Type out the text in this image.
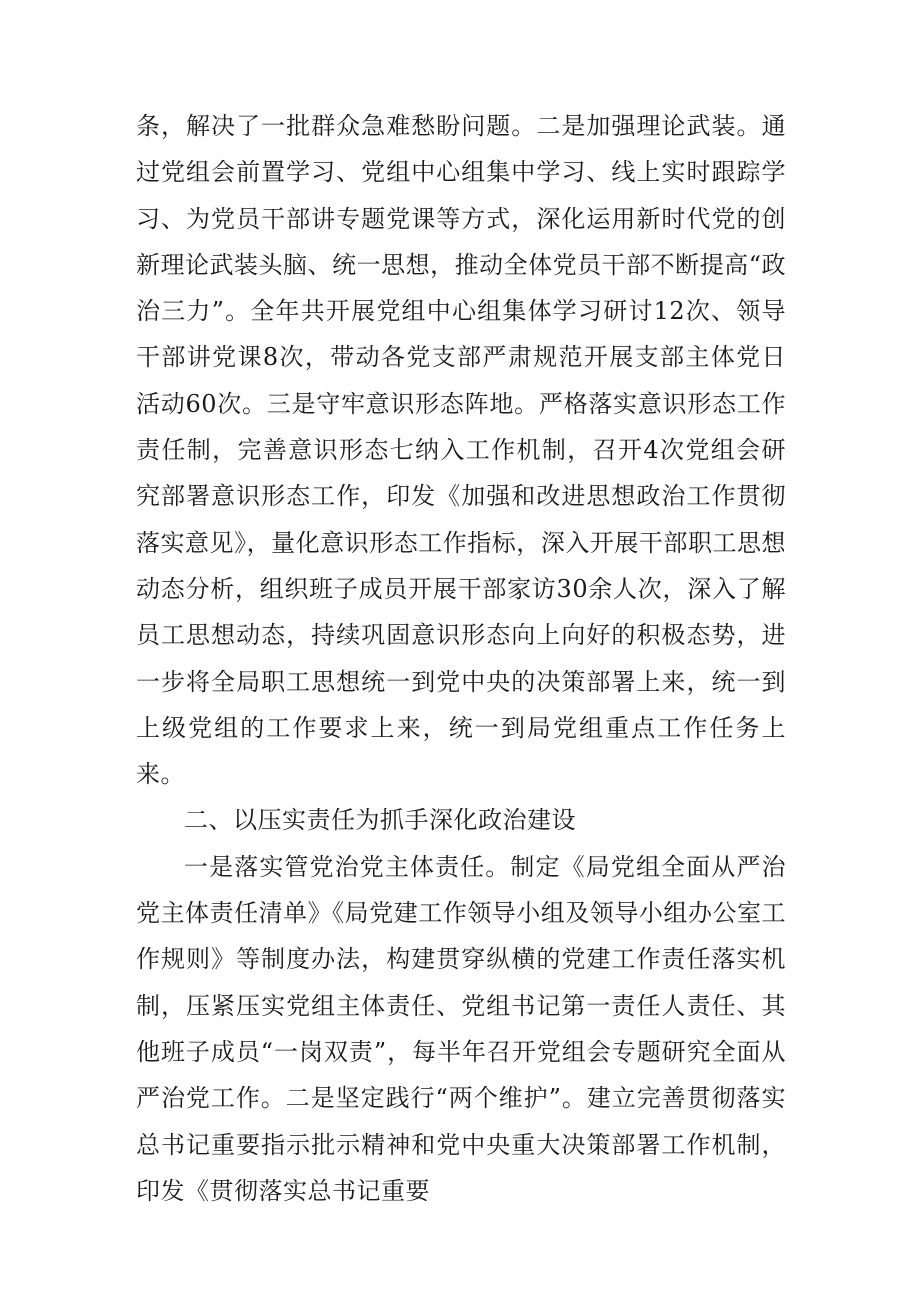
条，解决了一批群众急难愁盼问题。二是加强理论武装。通过党组会前置学习、党组中心组集中学习、线上实时跟踪学习、为党员干部讲专题党课等方式，深化运用新时代党的创新理论武装头脑、统一思想，推动全体党员干部不断提高“政治三力”。全年共开展党组中心组集体学习研讨12次、领导干部讲党课8次，带动各党支部严肃规范开展支部主体党日活动60次。三是守牢意识形态阵地。严格落实意识形态工作责任制，完善意识形态七纳入工作机制，召开4次党组会研究部署意识形态工作，印发《加强和改进思想政治工作贯彻落实意见》，量化意识形态工作指标，深入开展干部职工思想动态分析，组织班子成员开展干部家访30余人次，深入了解员工思想动态，持续巩固意识形态向上向好的积极态势，进一步将全局职工思想统一到党中央的决策部署上来，统一到上级党组的工作要求上来，统一到局党组重点工作任务上来。

二、以压实责任为抓手深化政治建设

一是落实管党治党主体责任。制定《局党组全面从严治党主体责任清单》《局党建工作领导小组及领导小组办公室工作规则》等制度办法，构建贯穿纵横的党建工作责任落实机制，压紧压实党组主体责任、党组书记第一责任人责任、其他班子成员“一岗双责”，每半年召开党组会专题研究全面从严治党工作。二是坚定践行“两个维护”。建立完善贯彻落实总书记重要指示批示精神和党中央重大决策部署工作机制，印发《贯彻落实总书记重要
